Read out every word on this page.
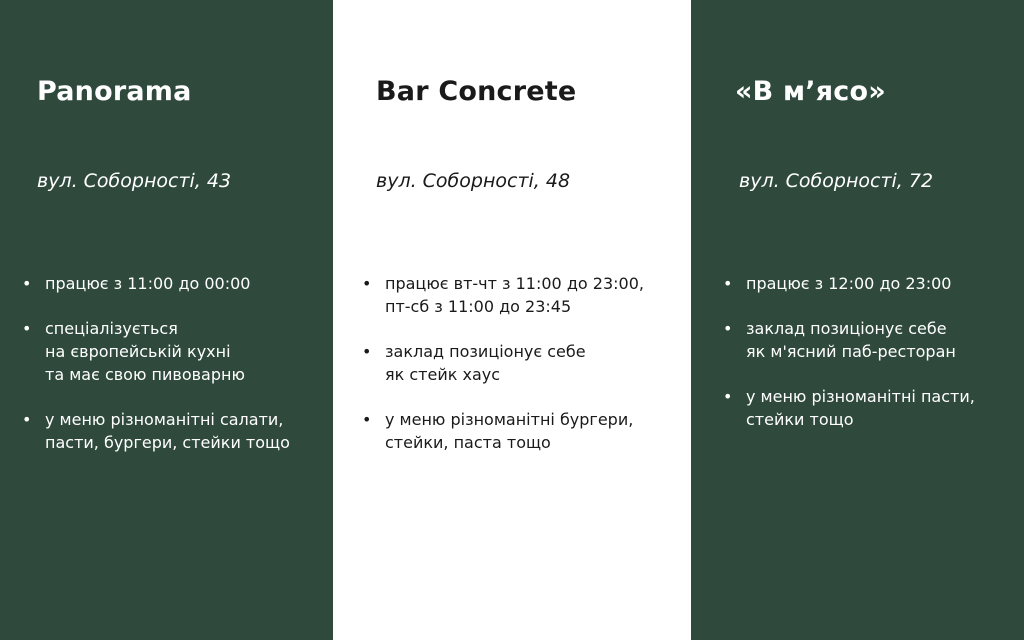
Panorama
вул. Соборності, 43
• працює з 11:00 до 00:00
• спеціалізується
на європейській кухні
та має свою пивоварню
• у меню різноманітні салати,
пасти, бургери, стейки тощо
Bar Concrete
вул. Соборності, 48
• працює вт-чт з 11:00 до 23:00,
пт-сб з 11:00 до 23:45
• заклад позиціонує себе
як стейк хаус
• у меню різноманітні бургери,
стейки, паста тощо
«В м’ясо»
вул. Соборності, 72
• працює з 12:00 до 23:00
• заклад позиціонує себе
як м'ясний паб-ресторан
• у меню різноманітні пасти,
стейки тощо
